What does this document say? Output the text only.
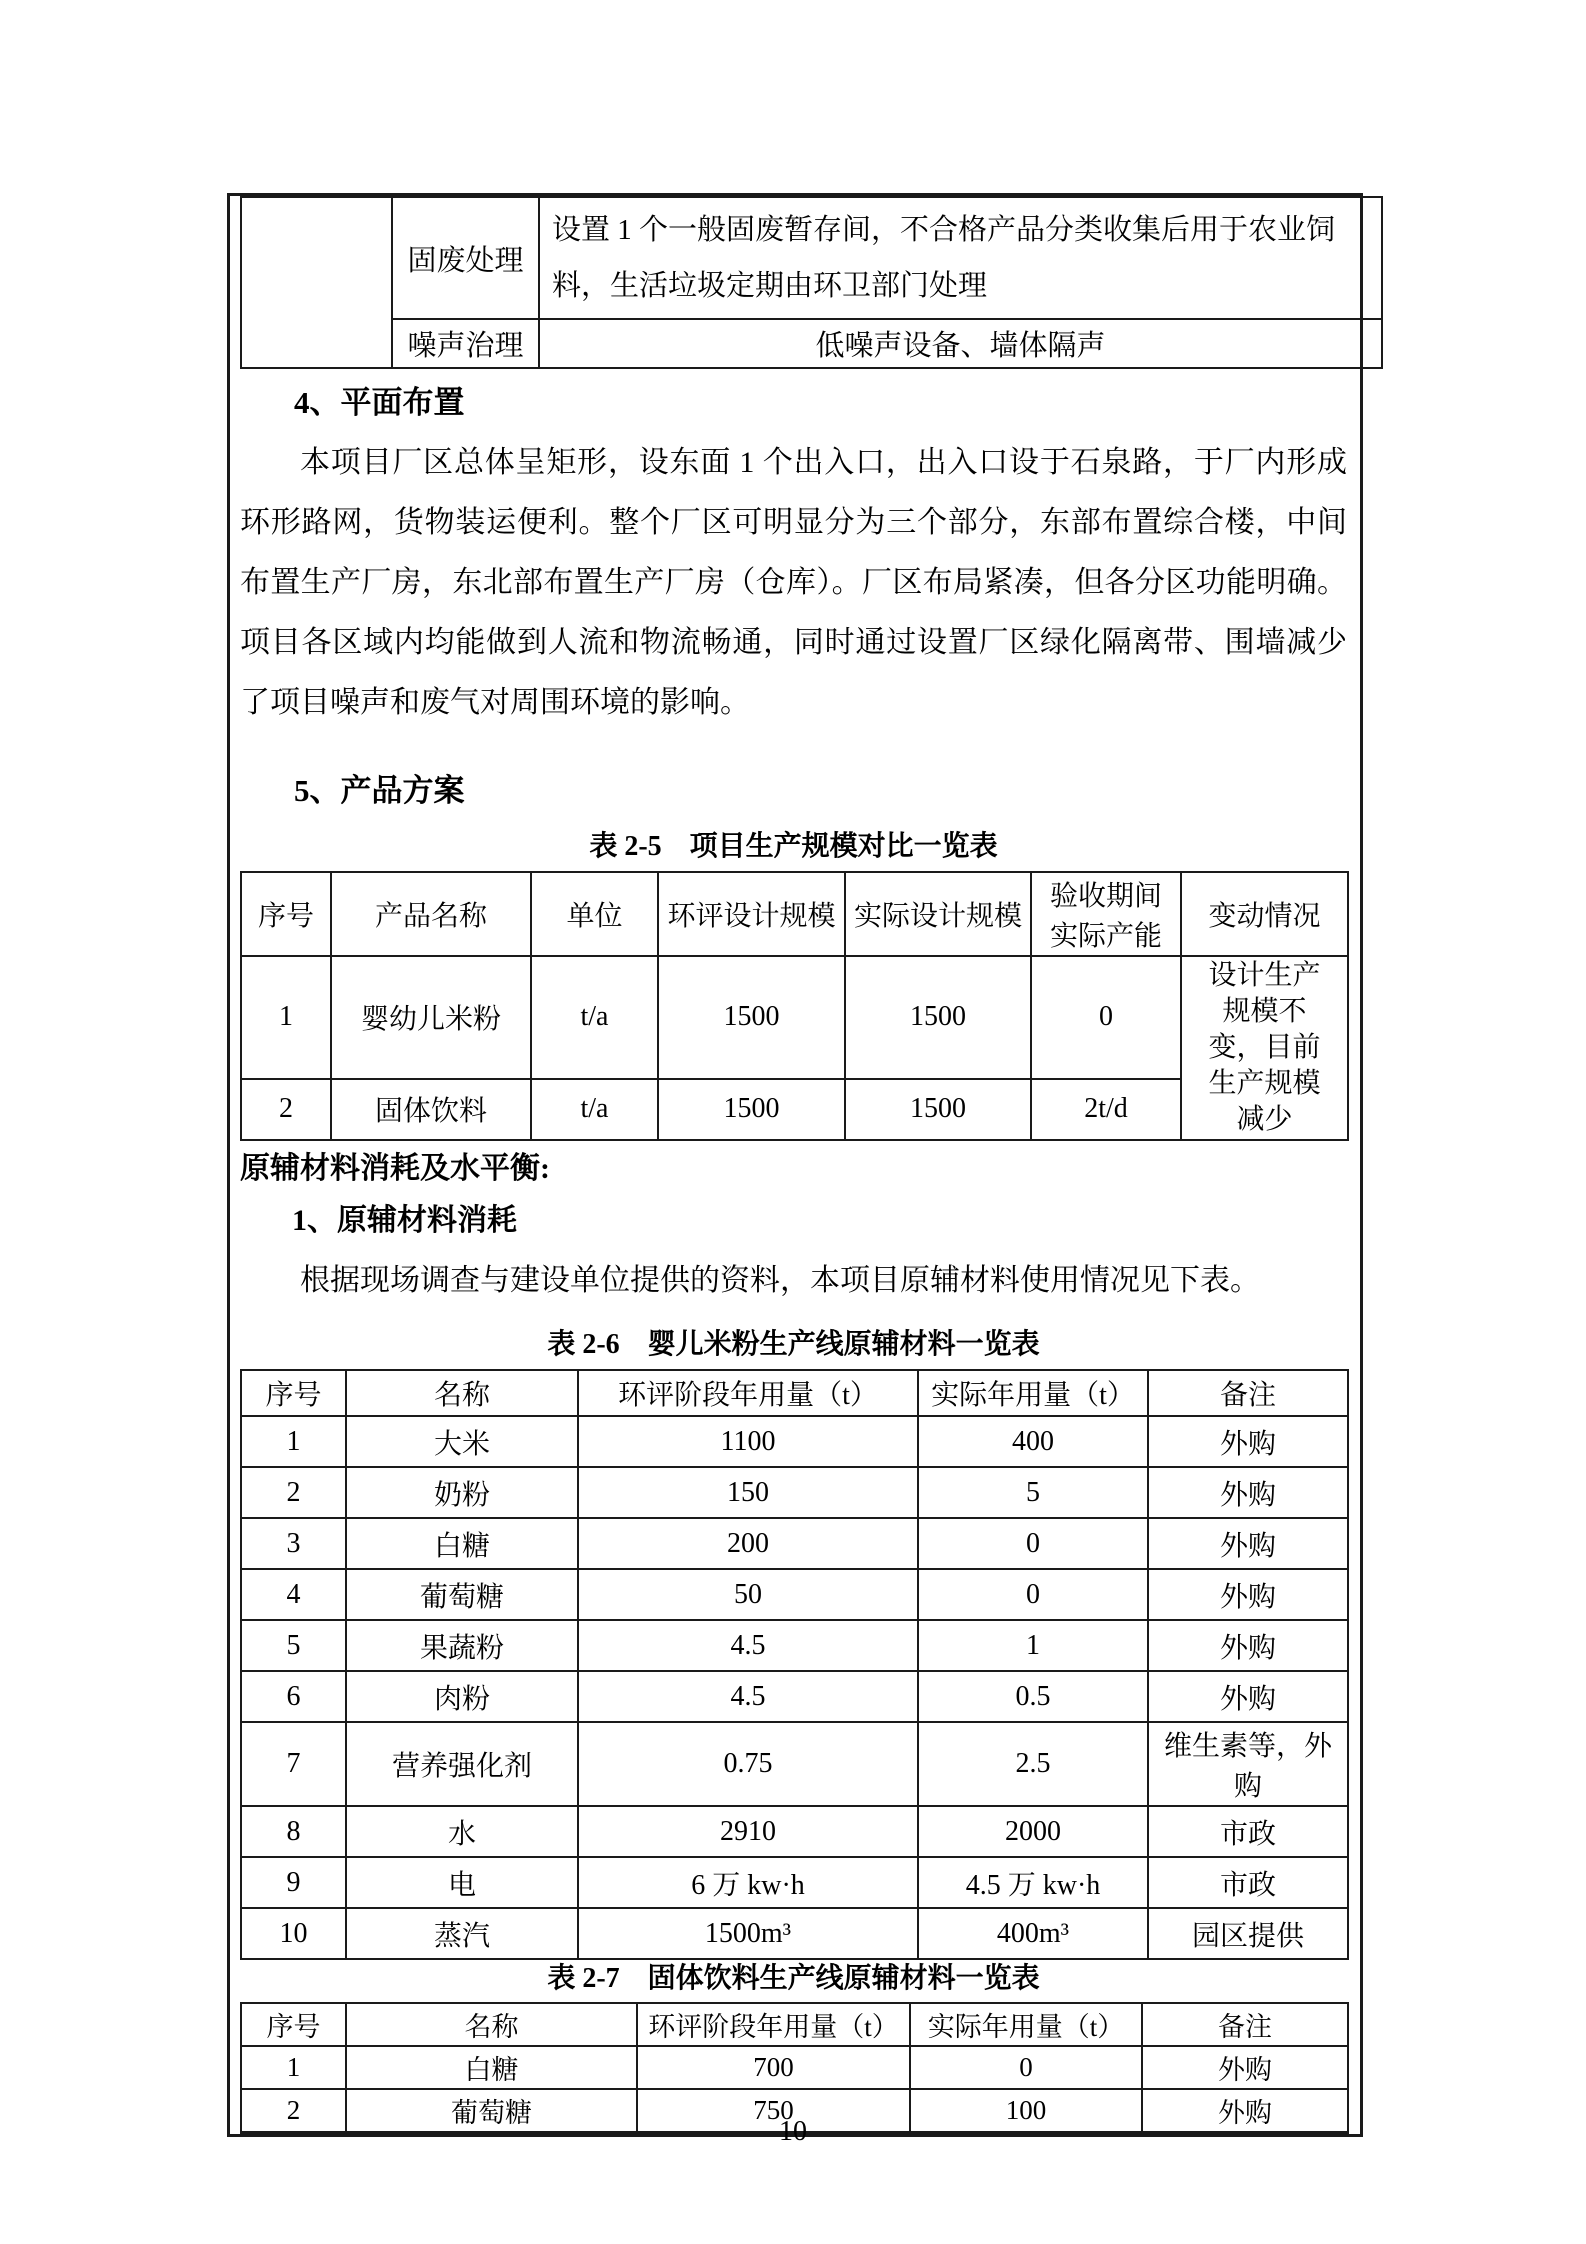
	固废处理	设置 1 个一般固废暂存间，不合格产品分类收集后用于农业饲料，生活垃圾定期由环卫部门处理
	噪声治理	低噪声设备、墙体隔声
4、平面布置
本项目厂区总体呈矩形，设东面 1 个出入口，出入口设于石泉路，于厂内形成环形路网，货物装运便利。整个厂区可明显分为三个部分，东部布置综合楼，中间布置生产厂房，东北部布置生产厂房（仓库）。厂区布局紧凑，但各分区功能明确。项目各区域内均能做到人流和物流畅通，同时通过设置厂区绿化隔离带、围墙减少了项目噪声和废气对周围环境的影响。
5、产品方案
表 2-5　项目生产规模对比一览表
序号	产品名称	单位	环评设计规模	实际设计规模	验收期间实际产能	变动情况
1	婴幼儿米粉	t/a	1500	1500	0	设计生产规模不变，目前生产规模减少
2	固体饮料	t/a	1500	1500	2t/d	
原辅材料消耗及水平衡:
1、原辅材料消耗
根据现场调查与建设单位提供的资料，本项目原辅材料使用情况见下表。
表 2-6　婴儿米粉生产线原辅材料一览表
序号	名称	环评阶段年用量（t）	实际年用量（t）	备注
1	大米	1100	400	外购
2	奶粉	150	5	外购
3	白糖	200	0	外购
4	葡萄糖	50	0	外购
5	果蔬粉	4.5	1	外购
6	肉粉	4.5	0.5	外购
7	营养强化剂	0.75	2.5	维生素等，外购
8	水	2910	2000	市政
9	电	6 万 kw·h	4.5 万 kw·h	市政
10	蒸汽	1500m³	400m³	园区提供
表 2-7　固体饮料生产线原辅材料一览表
序号	名称	环评阶段年用量（t）	实际年用量（t）	备注
1	白糖	700	0	外购
2	葡萄糖	750	100	外购
10
